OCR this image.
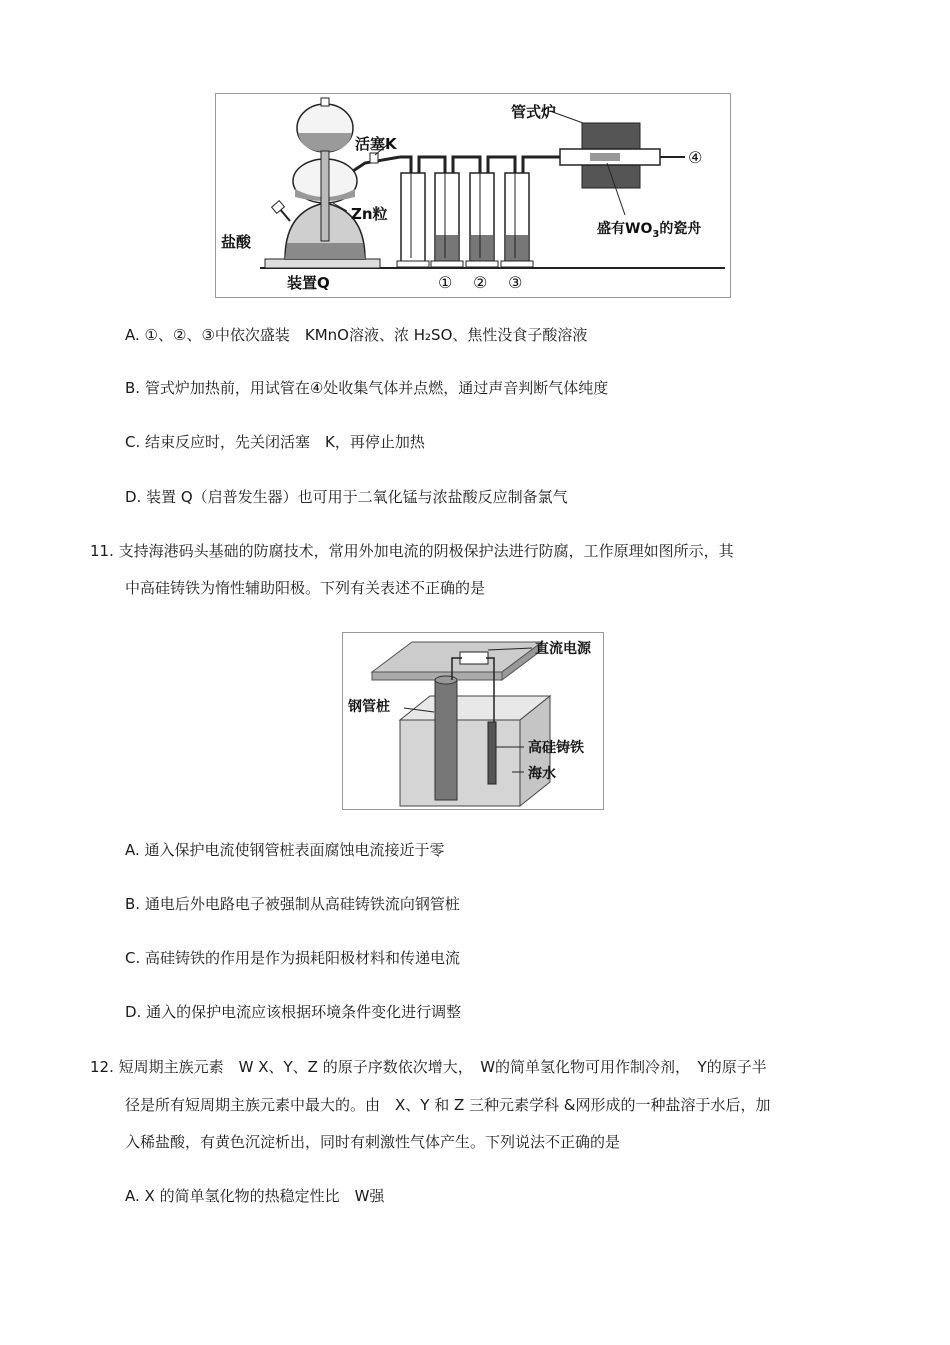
管式炉
活塞K
Zn粒
盐酸
装置Q
盛有$WO_3$的瓷舟
① ② ③
④
A. ①、②、③中依次盛装　KMnO溶液、浓 H₂SO、焦性没食子酸溶液
B. 管式炉加热前，用试管在④处收集气体并点燃，通过声音判断气体纯度
C. 结束反应时，先关闭活塞　K，再停止加热
D. 装置 Q（启普发生器）也可用于二氧化锰与浓盐酸反应制备氯气
11. 支持海港码头基础的防腐技术，常用外加电流的阴极保护法进行防腐，工作原理如图所示，其
中高硅铸铁为惰性辅助阳极。下列有关表述不正确的是
直流电源
钢管桩
高硅铸铁
海水
A. 通入保护电流使钢管桩表面腐蚀电流接近于零
B. 通电后外电路电子被强制从高硅铸铁流向钢管桩
C. 高硅铸铁的作用是作为损耗阳极材料和传递电流
D. 通入的保护电流应该根据环境条件变化进行调整
12. 短周期主族元素　W X、Y、Z 的原子序数依次增大，　W的简单氢化物可用作制冷剂，　Y的原子半
径是所有短周期主族元素中最大的。由　X、Y 和 Z 三种元素学科 &网形成的一种盐溶于水后，加
入稀盐酸，有黄色沉淀析出，同时有刺激性气体产生。下列说法不正确的是
A. X 的简单氢化物的热稳定性比　W强
